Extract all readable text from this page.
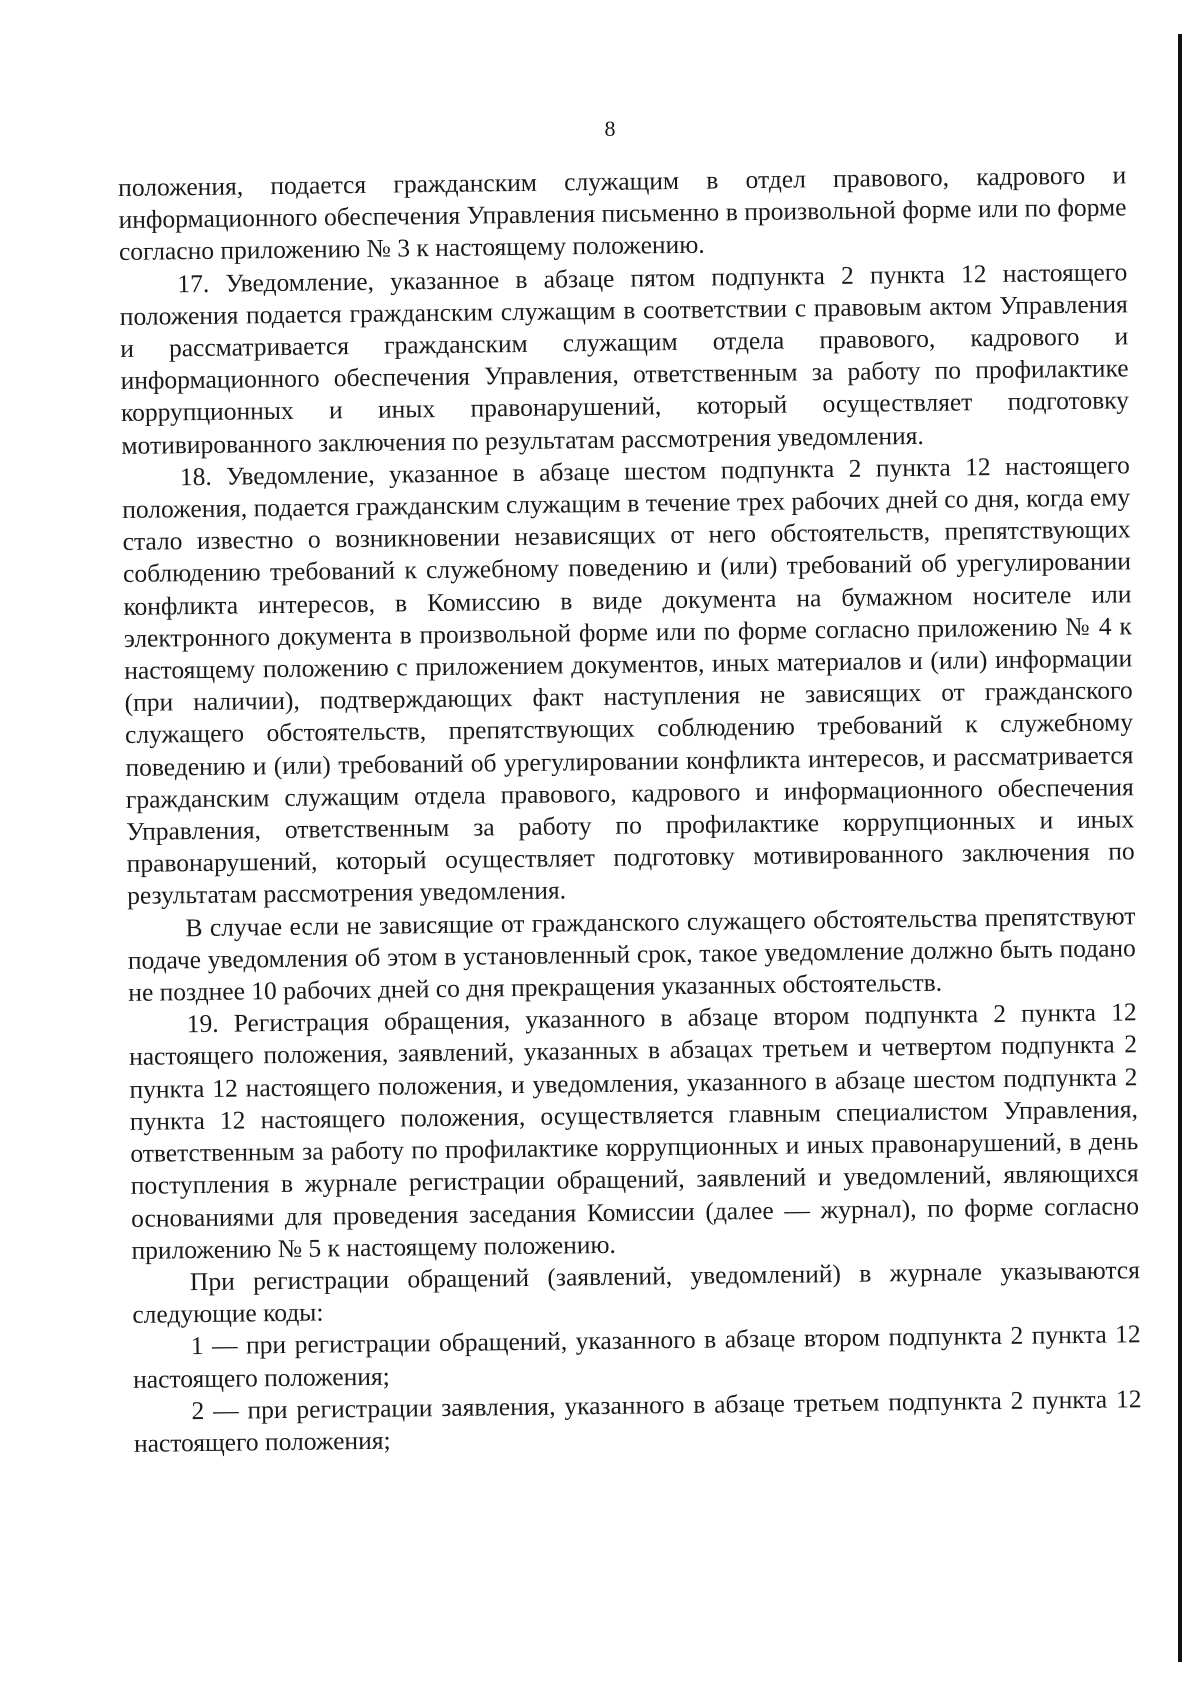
8

положения, подается гражданским служащим в отдел правового, кадрового и информационного обеспечения Управления письменно в произвольной форме или по форме согласно приложению № 3 к настоящему положению.

17. Уведомление, указанное в абзаце пятом подпункта 2 пункта 12 настоящего положения подается гражданским служащим в соответствии с правовым актом Управления и рассматривается гражданским служащим отдела правового, кадрового и информационного обеспечения Управления, ответственным за работу по профилактике коррупционных и иных правонарушений, который осуществляет подготовку мотивированного заключения по результатам рассмотрения уведомления.

18. Уведомление, указанное в абзаце шестом подпункта 2 пункта 12 настоящего положения, подается гражданским служащим в течение трех рабочих дней со дня, когда ему стало известно о возникновении независящих от него обстоятельств, препятствующих соблюдению требований к служебному поведению и (или) требований об урегулировании конфликта интересов, в Комиссию в виде документа на бумажном носителе или электронного документа в произвольной форме или по форме согласно приложению № 4 к настоящему положению с приложением документов, иных материалов и (или) информации (при наличии), подтверждающих факт наступления не зависящих от гражданского служащего обстоятельств, препятствующих соблюдению требований к служебному поведению и (или) требований об урегулировании конфликта интересов, и рассматривается гражданским служащим отдела правового, кадрового и информационного обеспечения Управления, ответственным за работу по профилактике коррупционных и иных правонарушений, который осуществляет подготовку мотивированного заключения по результатам рассмотрения уведомления.

В случае если не зависящие от гражданского служащего обстоятельства препятствуют подаче уведомления об этом в установленный срок, такое уведомление должно быть подано не позднее 10 рабочих дней со дня прекращения указанных обстоятельств.

19. Регистрация обращения, указанного в абзаце втором подпункта 2 пункта 12 настоящего положения, заявлений, указанных в абзацах третьем и четвертом подпункта 2 пункта 12 настоящего положения, и уведомления, указанного в абзаце шестом подпункта 2 пункта 12 настоящего положения, осуществляется главным специалистом Управления, ответственным за работу по профилактике коррупционных и иных правонарушений, в день поступления в журнале регистрации обращений, заявлений и уведомлений, являющихся основаниями для проведения заседания Комиссии (далее — журнал), по форме согласно приложению № 5 к настоящему положению.

При регистрации обращений (заявлений, уведомлений) в журнале указываются следующие коды:

1 — при регистрации обращений, указанного в абзаце втором подпункта 2 пункта 12 настоящего положения;

2 — при регистрации заявления, указанного в абзаце третьем подпункта 2 пункта 12 настоящего положения;
